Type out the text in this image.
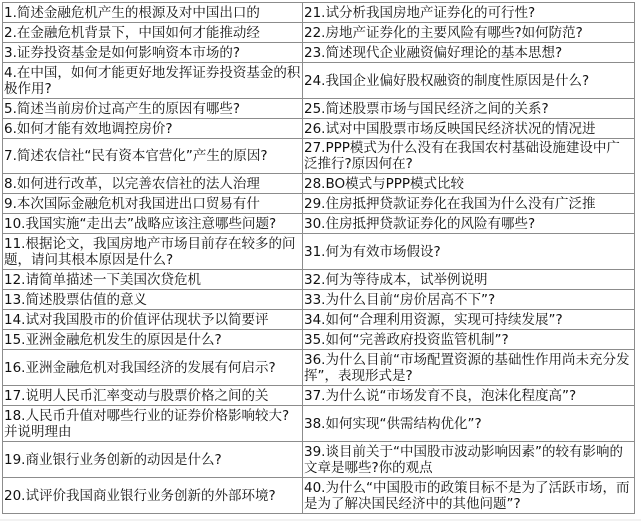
1.简述金融危机产生的根源及对中国出口的	21.试分析我国房地产证券化的可行性?
2.在金融危机背景下，中国如何才能推动经	22.房地产证券化的主要风险有哪些?如何防范?
3.证券投资基金是如何影响资本市场的?	23.简述现代企业融资偏好理论的基本思想?
4.在中国，如何才能更好地发挥证券投资基金的积极作用?	24.我国企业偏好股权融资的制度性原因是什么?
5.简述当前房价过高产生的原因有哪些?	25.简述股票市场与国民经济之间的关系?
6.如何才能有效地调控房价?	26.试对中国股票市场反映国民经济状况的情况进
7.简述农信社“民有资本官营化”产生的原因?	27.PPP模式为什么没有在我国农村基础设施建设中广泛推行?原因何在?
8.如何进行改革，以完善农信社的法人治理	28.BO模式与PPP模式比较
9.本次国际金融危机对我国进出口贸易有什	29.住房抵押贷款证券化在我国为什么没有广泛推
10.我国实施“走出去”战略应该注意哪些问题?	30.住房抵押贷款证券化的风险有哪些?
11.根据论文，我国房地产市场目前存在较多的问题，请问其根本原因是什么?	31.何为有效市场假设?
12.请简单描述一下美国次贷危机	32.何为等待成本，试举例说明
13.简述股票估值的意义	33.为什么目前“房价居高不下”?
14.试对我国股市的价值评估现状予以简要评	34.如何“合理利用资源，实现可持续发展”?
15.亚洲金融危机发生的原因是什么?	35.如何“完善政府投资监管机制”?
16.亚洲金融危机对我国经济的发展有何启示?	36.为什么目前“市场配置资源的基础性作用尚未充分发挥”，表现形式是?
17.说明人民币汇率变动与股票价格之间的关	37.为什么说“市场发育不良，泡沫化程度高”?
18.人民币升值对哪些行业的证券价格影响较大?并说明理由	38.如何实现“供需结构优化”?
19.商业银行业务创新的动因是什么?	39.谈目前关于“中国股市波动影响因素”的较有影响的文章是哪些?你的观点
20.试评价我国商业银行业务创新的外部环境?	40.为什么“中国股市的政策目标不是为了活跃市场，而是为了解决国民经济中的其他问题”?
